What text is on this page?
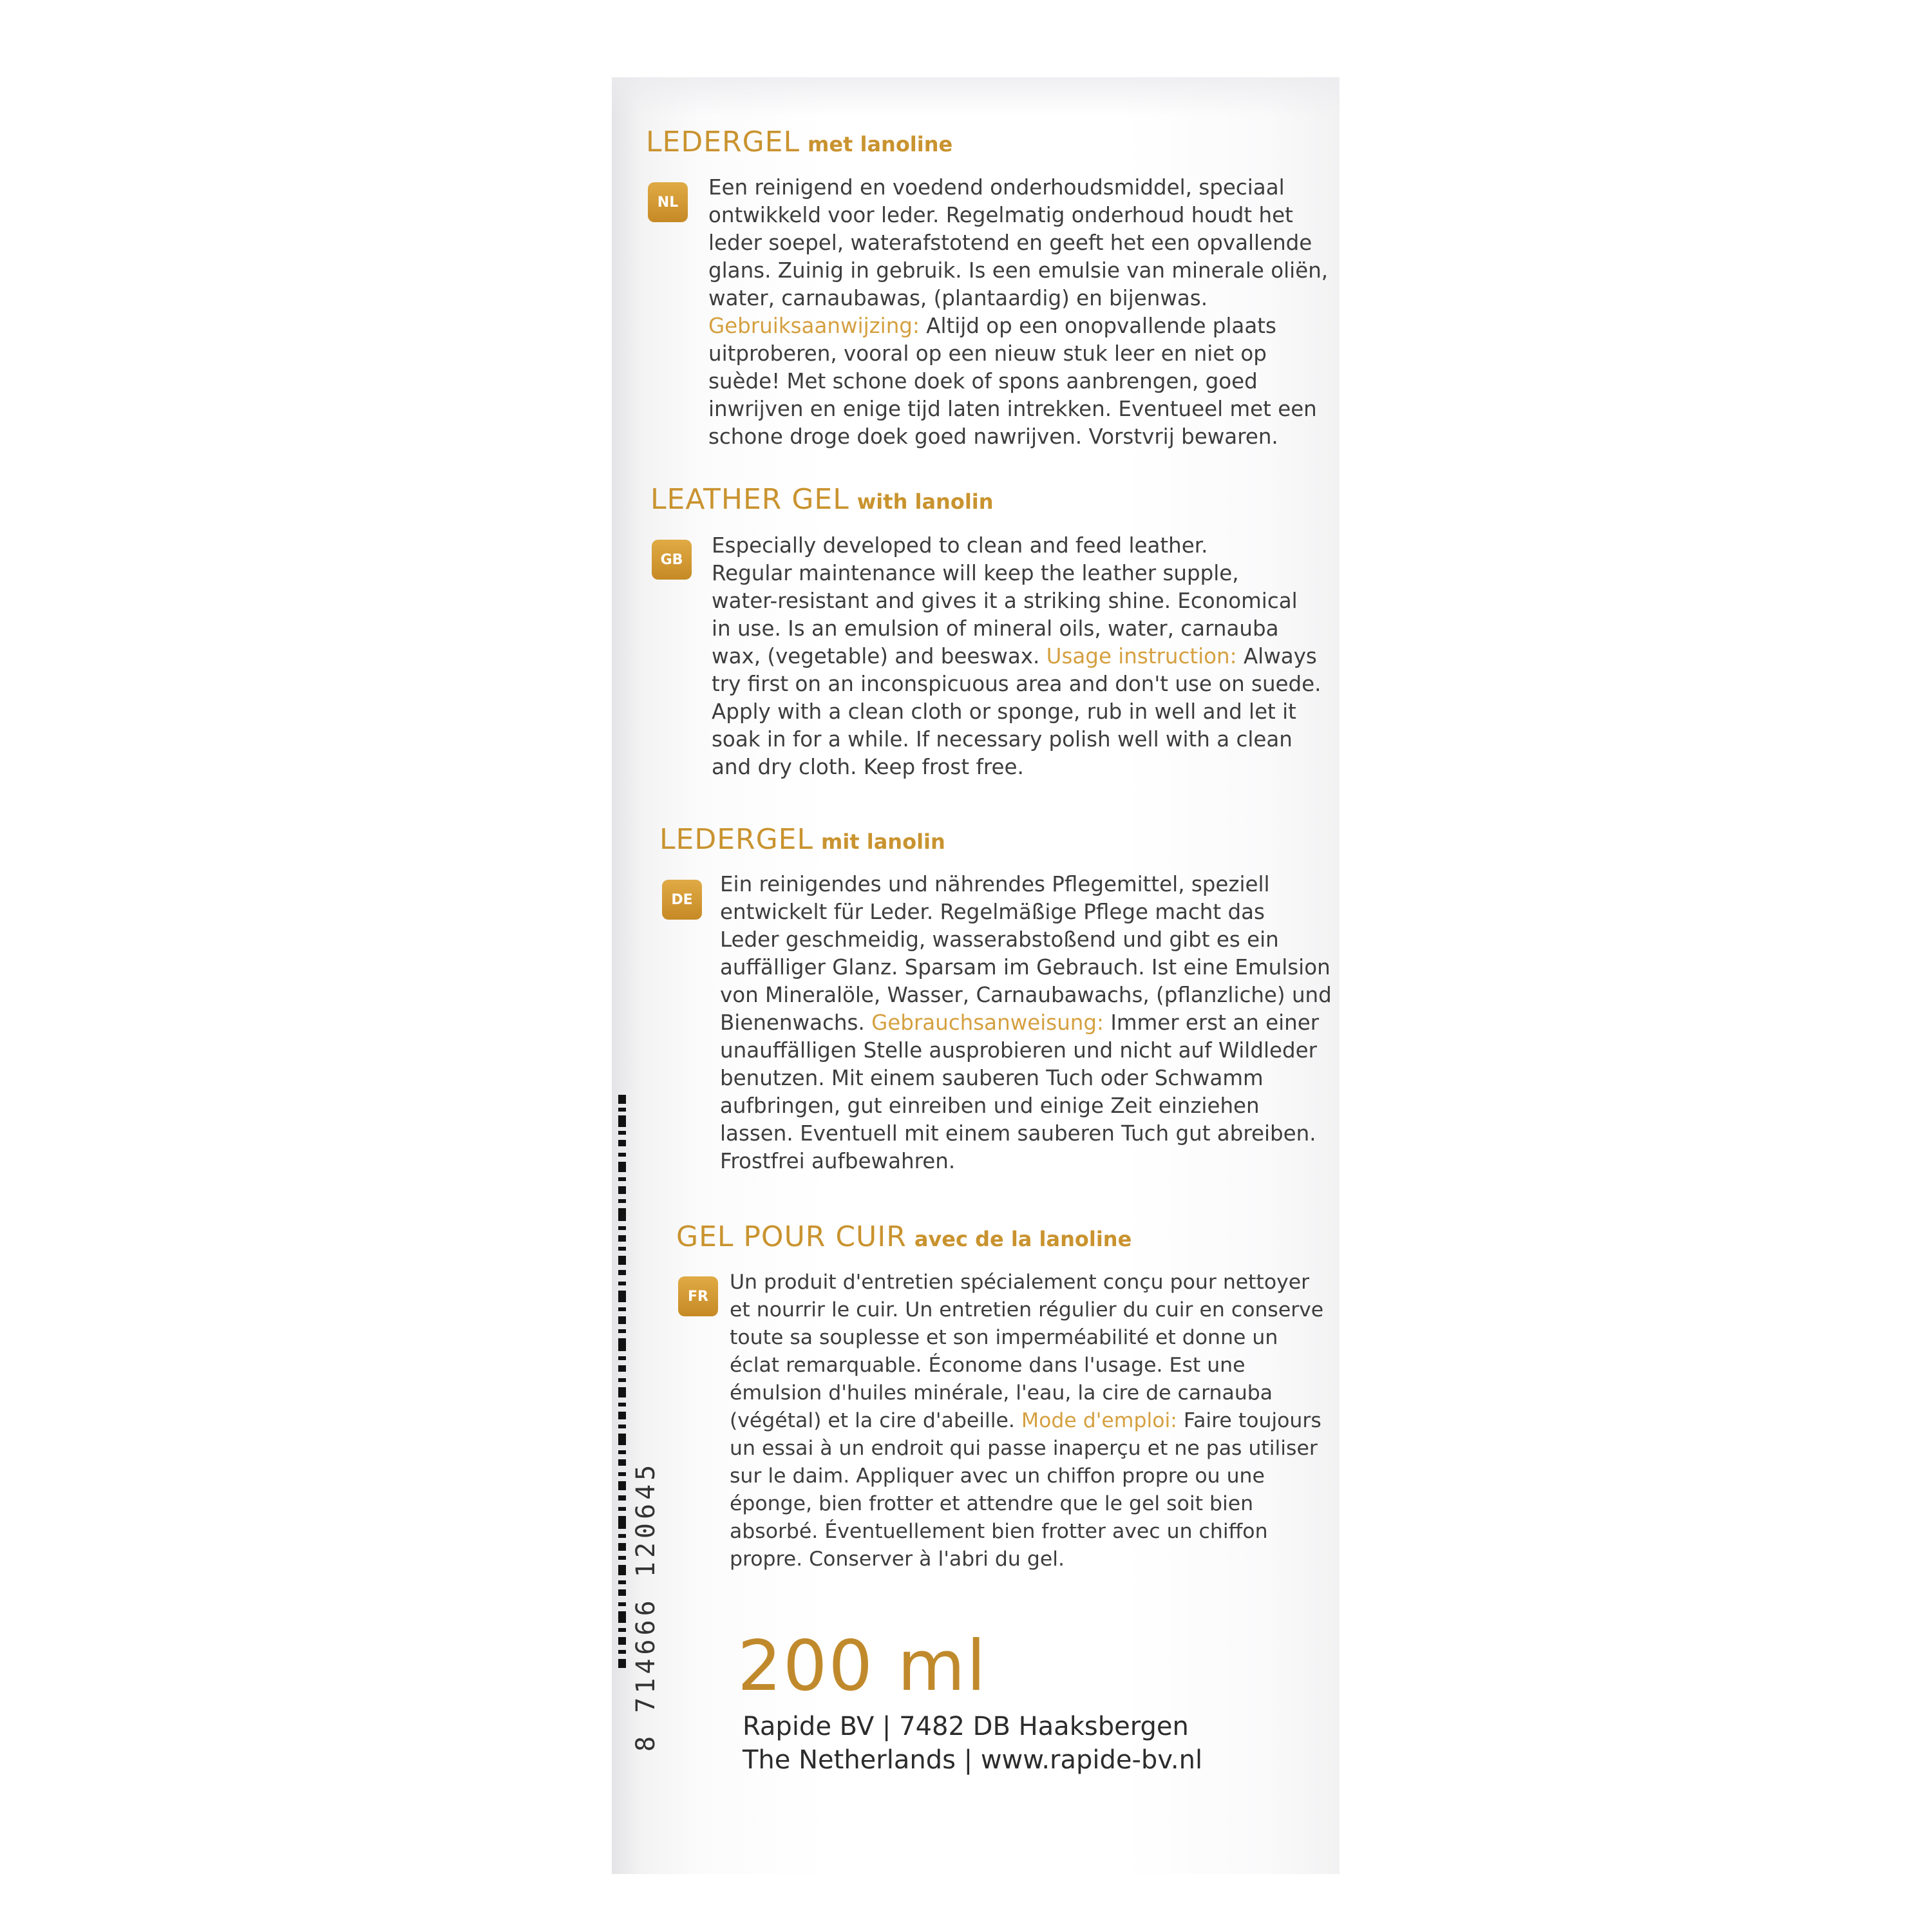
8 714666 120645
LEDERGEL met lanoline
NL
Een reinigend en voedend onderhoudsmiddel, speciaal
ontwikkeld voor leder. Regelmatig onderhoud houdt het
leder soepel, waterafstotend en geeft het een opvallende
glans. Zuinig in gebruik. Is een emulsie van minerale oliën,
water, carnaubawas, (plantaardig) en bijenwas.
Gebruiksaanwijzing: Altijd op een onopvallende plaats
uitproberen, vooral op een nieuw stuk leer en niet op
suède! Met schone doek of spons aanbrengen, goed
inwrijven en enige tijd laten intrekken. Eventueel met een
schone droge doek goed nawrijven. Vorstvrij bewaren.
LEATHER GEL with lanolin
GB
Especially developed to clean and feed leather.
Regular maintenance will keep the leather supple,
water-resistant and gives it a striking shine. Economical
in use. Is an emulsion of mineral oils, water, carnauba
wax, (vegetable) and beeswax. Usage instruction: Always
try first on an inconspicuous area and don't use on suede.
Apply with a clean cloth or sponge, rub in well and let it
soak in for a while. If necessary polish well with a clean
and dry cloth. Keep frost free.
LEDERGEL mit lanolin
DE
Ein reinigendes und nährendes Pflegemittel, speziell
entwickelt für Leder. Regelmäßige Pflege macht das
Leder geschmeidig, wasserabstoßend und gibt es ein
auffälliger Glanz. Sparsam im Gebrauch. Ist eine Emulsion
von Mineralöle, Wasser, Carnaubawachs, (pflanzliche) und
Bienenwachs. Gebrauchsanweisung: Immer erst an einer
unauffälligen Stelle ausprobieren und nicht auf Wildleder
benutzen. Mit einem sauberen Tuch oder Schwamm
aufbringen, gut einreiben und einige Zeit einziehen
lassen. Eventuell mit einem sauberen Tuch gut abreiben.
Frostfrei aufbewahren.
GEL POUR CUIR avec de la lanoline
FR
Un produit d'entretien spécialement conçu pour nettoyer
et nourrir le cuir. Un entretien régulier du cuir en conserve
toute sa souplesse et son imperméabilité et donne un
éclat remarquable. Économe dans l'usage. Est une
émulsion d'huiles minérale, l'eau, la cire de carnauba
(végétal) et la cire d'abeille. Mode d'emploi: Faire toujours
un essai à un endroit qui passe inaperçu et ne pas utiliser
sur le daim. Appliquer avec un chiffon propre ou une
éponge, bien frotter et attendre que le gel soit bien
absorbé. Éventuellement bien frotter avec un chiffon
propre. Conserver à l'abri du gel.
200 ml
Rapide BV | 7482 DB Haaksbergen
The Netherlands | www.rapide-bv.nl
